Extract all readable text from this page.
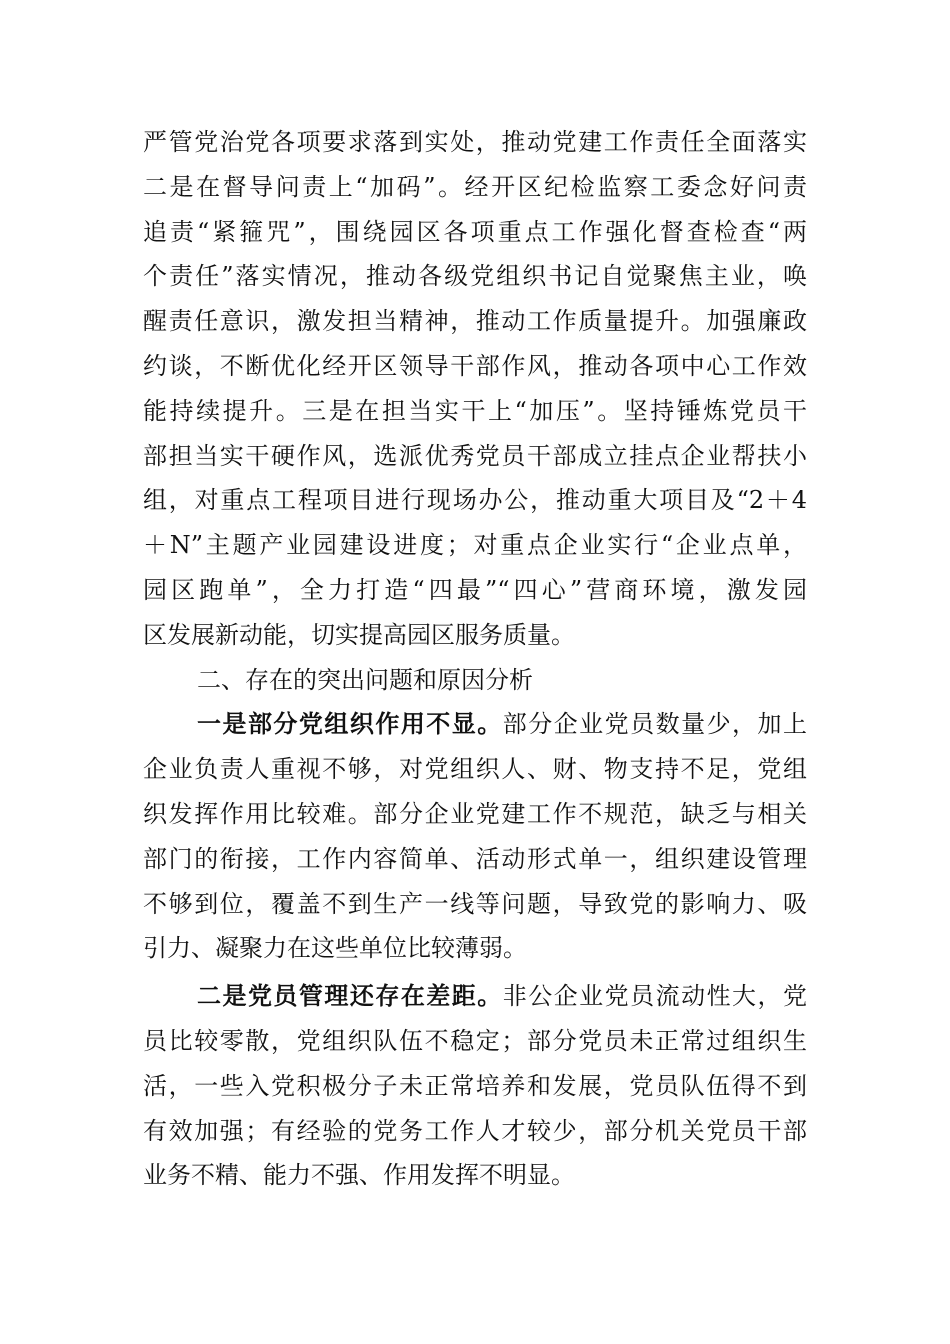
严管党治党各项要求落到实处，推动党建工作责任全面落实
二是在督导问责上“加码”。经开区纪检监察工委念好问责
追责“紧箍咒”，围绕园区各项重点工作强化督查检查“两
个责任”落实情况，推动各级党组织书记自觉聚焦主业，唤
醒责任意识，激发担当精神，推动工作质量提升。加强廉政
约谈，不断优化经开区领导干部作风，推动各项中心工作效
能持续提升。三是在担当实干上“加压”。坚持锤炼党员干
部担当实干硬作风，选派优秀党员干部成立挂点企业帮扶小
组，对重点工程项目进行现场办公，推动重大项目及“2＋4
＋N”主题产业园建设进度；对重点企业实行“企业点单，
园区跑单”，全力打造“四最”“四心”营商环境，激发园
区发展新动能，切实提高园区服务质量。
二、存在的突出问题和原因分析
一是部分党组织作用不显。部分企业党员数量少，加上
企业负责人重视不够，对党组织人、财、物支持不足，党组
织发挥作用比较难。部分企业党建工作不规范，缺乏与相关
部门的衔接，工作内容简单、活动形式单一，组织建设管理
不够到位，覆盖不到生产一线等问题，导致党的影响力、吸
引力、凝聚力在这些单位比较薄弱。
二是党员管理还存在差距。非公企业党员流动性大，党
员比较零散，党组织队伍不稳定；部分党员未正常过组织生
活，一些入党积极分子未正常培养和发展，党员队伍得不到
有效加强；有经验的党务工作人才较少，部分机关党员干部
业务不精、能力不强、作用发挥不明显。
